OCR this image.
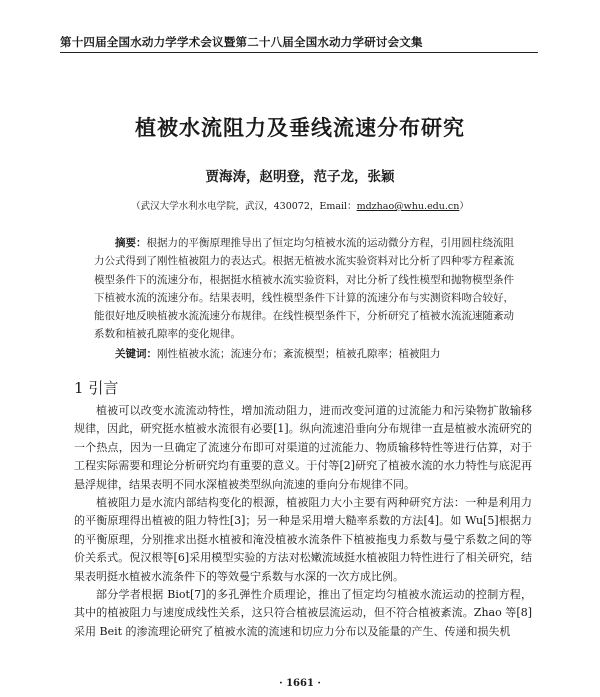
第十四届全国水动力学学术会议暨第二十八届全国水动力学研讨会文集
植被水流阻力及垂线流速分布研究
贾海涛，赵明登，范子龙，张颖
（武汉大学水利水电学院，武汉，430072，Email：mdzhao@whu.edu.cn）
摘要：根据力的平衡原理推导出了恒定均匀植被水流的运动微分方程，引用圆柱绕流阻力公式得到了刚性植被阻力的表达式。根据无植被水流实验资料对比分析了四种零方程紊流模型条件下的流速分布，根据挺水植被水流实验资料，对比分析了线性模型和抛物模型条件下植被水流的流速分布。结果表明，线性模型条件下计算的流速分布与实测资料吻合较好，能很好地反映植被水流流速分布规律。在线性模型条件下，分析研究了植被水流流速随紊动系数和植被孔隙率的变化规律。
关键词：刚性植被水流；流速分布；紊流模型；植被孔隙率；植被阻力
1 引言

植被可以改变水流流动特性，增加流动阻力，进而改变河道的过流能力和污染物扩散输移规律，因此，研究挺水植被水流很有必要[1]。纵向流速沿垂向分布规律一直是植被水流研究的一个热点，因为一旦确定了流速分布即可对渠道的过流能力、物质输移特性等进行估算，对于工程实际需要和理论分析研究均有重要的意义。于付等[2]研究了植被水流的水力特性与底泥再悬浮规律，结果表明不同水深植被类型纵向流速的垂向分布规律不同。

植被阻力是水流内部结构变化的根源，植被阻力大小主要有两种研究方法：一种是利用力的平衡原理得出植被的阻力特性[3]；另一种是采用增大糙率系数的方法[4]。如 Wu[5]根据力的平衡原理，分别推求出挺水植被和淹没植被水流条件下植被拖曳力系数与曼宁系数之间的等价关系式。倪汉根等[6]采用模型实验的方法对松嫩流域挺水植被阻力特性进行了相关研究，结果表明挺水植被水流条件下的等效曼宁系数与水深的一次方成比例。

部分学者根据 Biot[7]的多孔弹性介质理论，推出了恒定均匀植被水流运动的控制方程，其中的植被阻力与速度成线性关系，这只符合植被层流运动，但不符合植被紊流。Zhao 等[8]采用 Beit 的渗流理论研究了植被水流的流速和切应力分布以及能量的产生、传递和损失机

· 1661 ·
